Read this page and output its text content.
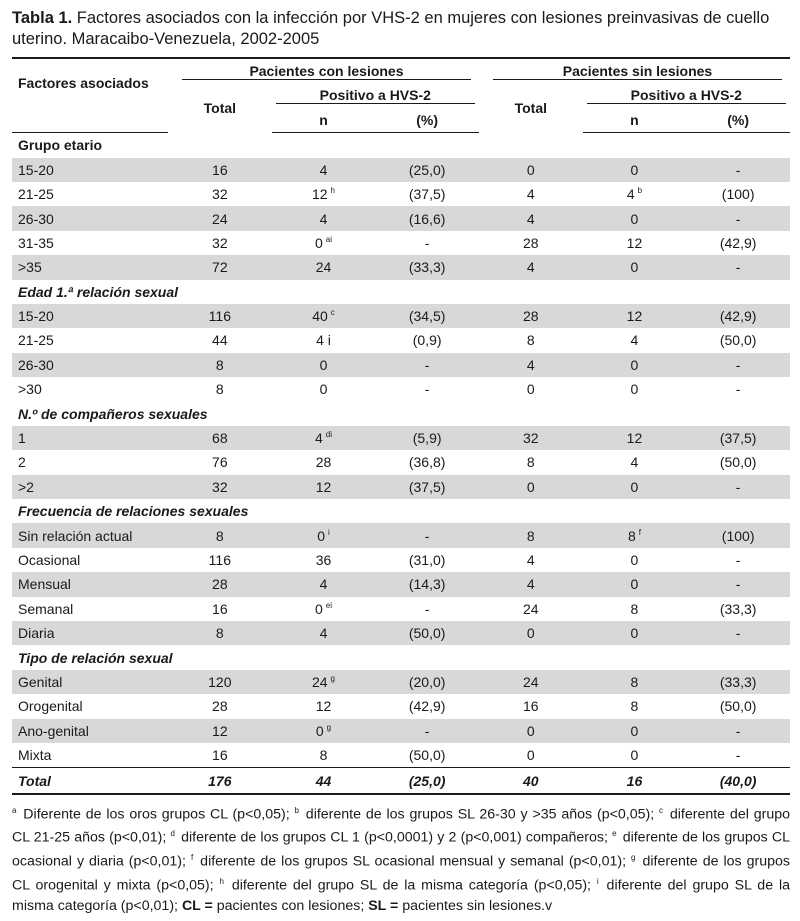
Tabla 1. Factores asociados con la infección por VHS-2 en mujeres con lesiones preinvasivas de cuello uterino. Maracaibo-Venezuela, 2002-2005

Factores asociados	Pacientes con lesiones			Pacientes sin lesiones		

	Total	Positivo a HVS-2		Total	Positivo a HVS-2	

		n	(%)		n	(%)
Grupo etario						
15-20	16	4	(25,0)	0	0	-
21-25	32	12 $^h$	(37,5)	4	4 $^b$	(100)
26-30	24	4	(16,6)	4	0	-
31-35	32	0 $^{ai}$	-	28	12	(42,9)
>35	72	24	(33,3)	4	0	-
Edad 1.ª relación sexual						
15-20	116	40 $^c$	(34,5)	28	12	(42,9)
21-25	44	4 i	(0,9)	8	4	(50,0)
26-30	8	0	-	4	0	-
>30	8	0	-	0	0	-
N.º de compañeros sexuales						
1	68	4 $^{di}$	(5,9)	32	12	(37,5)
2	76	28	(36,8)	8	4	(50,0)
>2	32	12	(37,5)	0	0	-
Frecuencia de relaciones sexuales						
Sin relación actual	8	0 $^i$	-	8	8 $^f$	(100)
Ocasional	116	36	(31,0)	4	0	-
Mensual	28	4	(14,3)	4	0	-
Semanal	16	0 $^{ei}$	-	24	8	(33,3)
Diaria	8	4	(50,0)	0	0	-
Tipo de relación sexual						
Genital	120	24 $^g$	(20,0)	24	8	(33,3)
Orogenital	28	12	(42,9)	16	8	(50,0)
Ano-genital	12	0 $^g$	-	0	0	-
Mixta	16	8	(50,0)	0	0	-
Total	176	44	(25,0)	40	16	(40,0)
$^a$ Diferente de los oros grupos CL (p<0,05); $^b$ diferente de los grupos SL 26-30 y >35 años (p<0,05); $^c$ diferente del grupo CL 21-25 años (p<0,01); $^d$ diferente de los grupos CL 1 (p<0,0001) y 2 (p<0,001) compañeros; $^e$ diferente de los grupos CL ocasional y diaria (p<0,01); $^f$ diferente de los grupos SL ocasional mensual y semanal (p<0,01); $^g$ diferente de los grupos CL orogenital y mixta (p<0,05); $^h$ diferente del grupo SL de la misma categoría (p<0,05); $^i$ diferente del grupo SL de la misma categoría (p<0,01); CL = pacientes con lesiones; SL = pacientes sin lesiones.v
